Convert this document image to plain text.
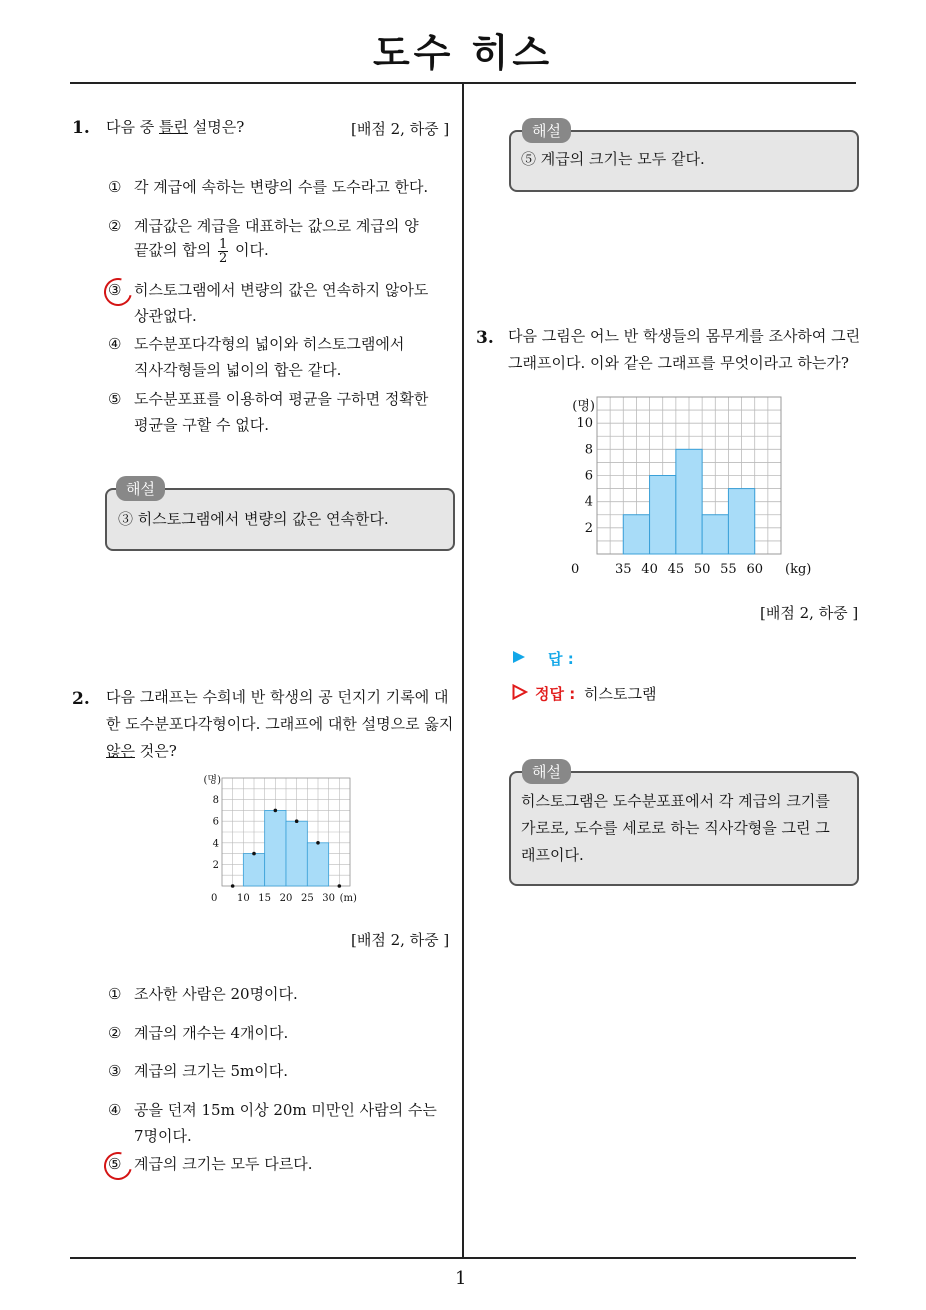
도수 히스
1
1. 다음 중 틀린 설명은?	[배점 2, 하중 ]
① 각 계급에 속하는 변량의 수를 도수라고 한다.
② 계급값은 계급을 대표하는 값으로 계급의 양
끝값의 합의 $\frac{1}{2}$ 이다.
③ 히스토그램에서 변량의 값은 연속하지 않아도
상관없다.
④ 도수분포다각형의 넓이와 히스토그램에서
직사각형들의 넓이의 합은 같다.
⑤ 도수분포표를 이용하여 평균을 구하면 정확한
평균을 구할 수 없다.
해설
③ 히스토그램에서 변량의 값은 연속한다.
2. 다음 그래프는 수희네 반 학생의 공 던지기 기록에 대
한 도수분포다각형이다. 그래프에 대한 설명으로 옳지
않은 것은?
0 10 15 20 25 30 (m)
2
4
6
8
(명)
[배점 2, 하중 ]
① 조사한 사람은 20명이다.
② 계급의 개수는 4개이다.
③ 계급의 크기는 5m이다.
④ 공을 던져 15m 이상 20m 미만인 사람의 수는
7명이다.
⑤ 계급의 크기는 모두 다르다.
해설
⑤ 계급의 크기는 모두 같다.
3. 다음 그림은 어느 반 학생들의 몸무게를 조사하여 그린
그래프이다. 이와 같은 그래프를 무엇이라고 하는가?
0	35 40 45 50 55 60 (kg)
2
4
6
8
10
(명)
[배점 2, 하중 ]
답 :
정답 : 히스토그램
해설
히스토그램은 도수분포표에서 각 계급의 크기를
가로로, 도수를 세로로 하는 직사각형을 그린 그
래프이다.
